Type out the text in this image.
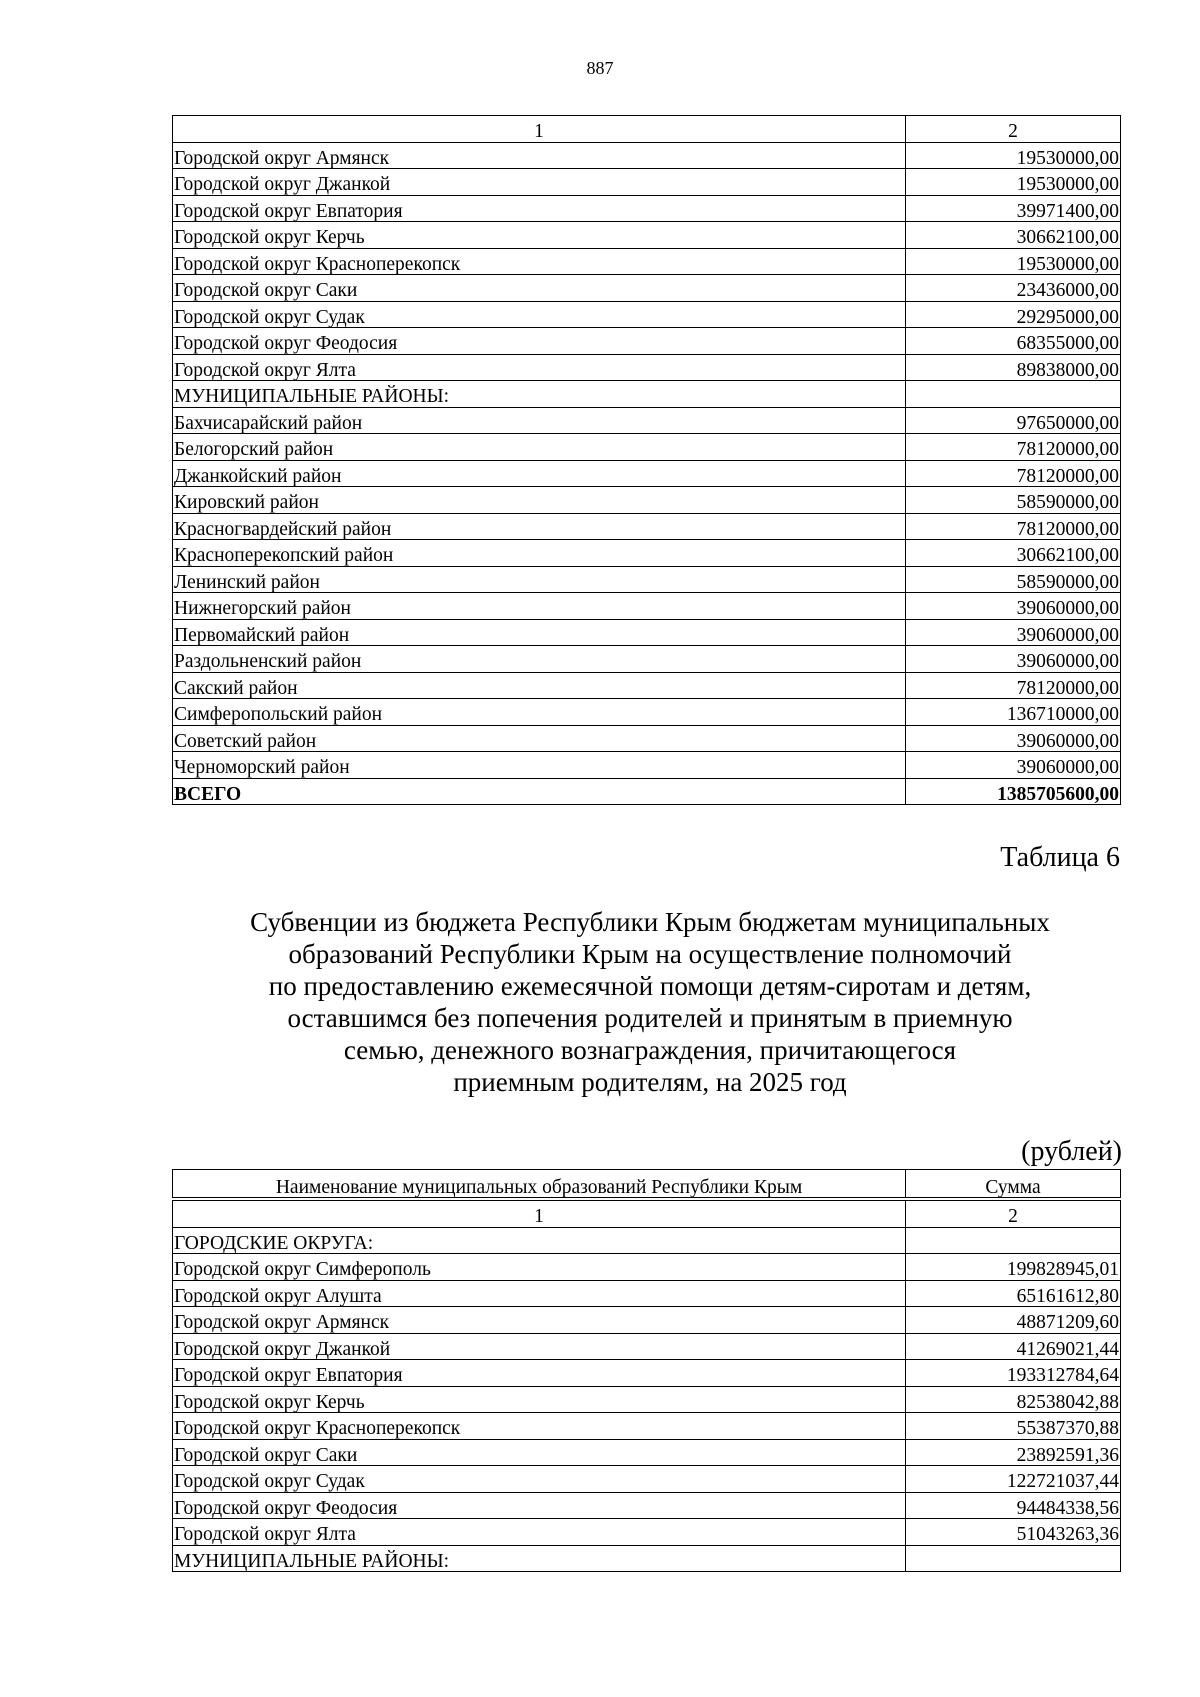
887
1	2
Городской округ Армянск	19530000,00
Городской округ Джанкой	19530000,00
Городской округ Евпатория	39971400,00
Городской округ Керчь	30662100,00
Городской округ Красноперекопск	19530000,00
Городской округ Саки	23436000,00
Городской округ Судак	29295000,00
Городской округ Феодосия	68355000,00
Городской округ Ялта	89838000,00
МУНИЦИПАЛЬНЫЕ РАЙОНЫ:	
Бахчисарайский район	97650000,00
Белогорский район	78120000,00
Джанкойский район	78120000,00
Кировский район	58590000,00
Красногвардейский район	78120000,00
Красноперекопский район	30662100,00
Ленинский район	58590000,00
Нижнегорский район	39060000,00
Первомайский район	39060000,00
Раздольненский район	39060000,00
Сакский район	78120000,00
Симферопольский район	136710000,00
Советский район	39060000,00
Черноморский район	39060000,00
ВСЕГО	1385705600,00
Таблица 6
Субвенции из бюджета Республики Крым бюджетам муниципальных
образований Республики Крым на осуществление полномочий
по предоставлению ежемесячной помощи детям-сиротам и детям,
оставшимся без попечения родителей и принятым в приемную
семью, денежного вознаграждения, причитающегося
приемным родителям, на 2025 год
(рублей)
Наименование муниципальных образований Республики Крым	Сумма
1	2
ГОРОДСКИЕ ОКРУГА:	
Городской округ Симферополь	199828945,01
Городской округ Алушта	65161612,80
Городской округ Армянск	48871209,60
Городской округ Джанкой	41269021,44
Городской округ Евпатория	193312784,64
Городской округ Керчь	82538042,88
Городской округ Красноперекопск	55387370,88
Городской округ Саки	23892591,36
Городской округ Судак	122721037,44
Городской округ Феодосия	94484338,56
Городской округ Ялта	51043263,36
МУНИЦИПАЛЬНЫЕ РАЙОНЫ:	
